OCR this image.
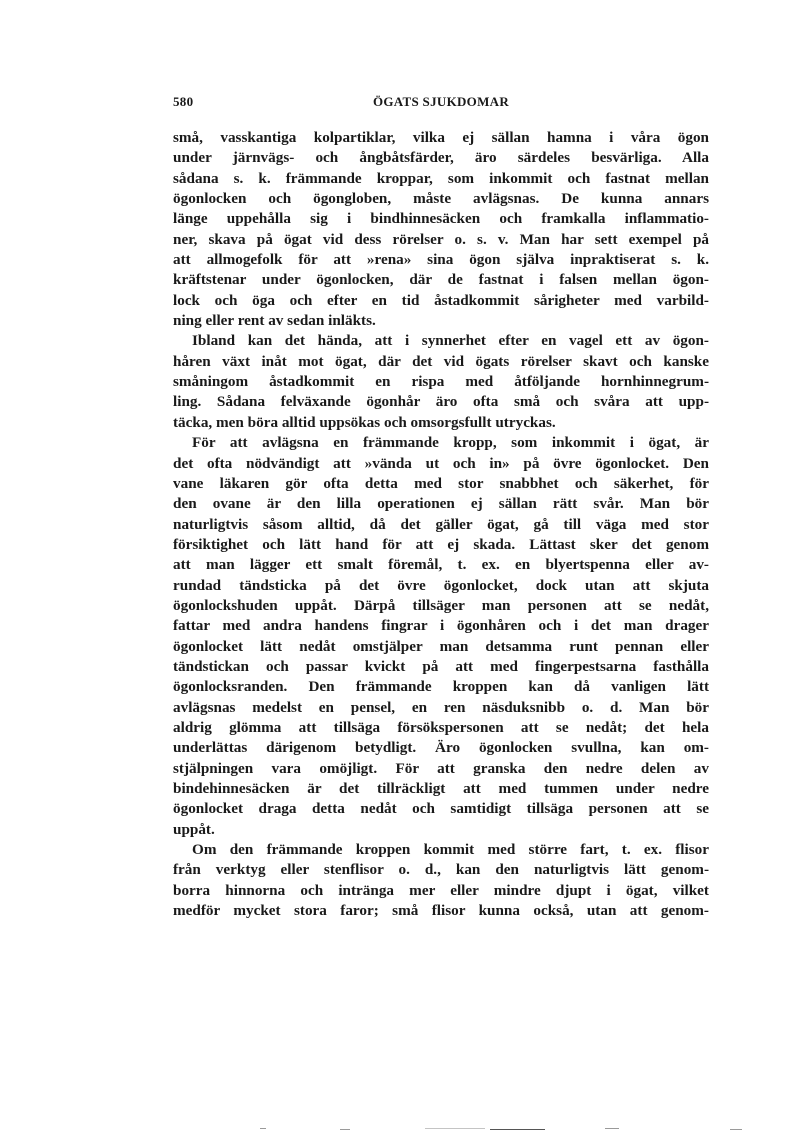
580	ÖGATS SJUKDOMAR
små, vasskantiga kolpartiklar, vilka ej sällan hamna i våra ögon
under järnvägs- och ångbåtsfärder, äro särdeles besvärliga. Alla
sådana s. k. främmande kroppar, som inkommit och fastnat mellan
ögonlocken och ögongloben, måste avlägsnas. De kunna annars
länge uppehålla sig i bindhinnesäcken och framkalla inflammatio-
ner, skava på ögat vid dess rörelser o. s. v. Man har sett exempel på
att allmogefolk för att »rena» sina ögon själva inpraktiserat s. k.
kräftstenar under ögonlocken, där de fastnat i falsen mellan ögon-
lock och öga och efter en tid åstadkommit sårigheter med varbild-
ning eller rent av sedan inläkts.
Ibland kan det hända, att i synnerhet efter en vagel ett av ögon-
håren växt inåt mot ögat, där det vid ögats rörelser skavt och kanske
småningom åstadkommit en rispa med åtföljande hornhinnegrum-
ling. Sådana felväxande ögonhår äro ofta små och svåra att upp-
täcka, men böra alltid uppsökas och omsorgsfullt utryckas.
För att avlägsna en främmande kropp, som inkommit i ögat, är
det ofta nödvändigt att »vända ut och in» på övre ögonlocket. Den
vane läkaren gör ofta detta med stor snabbhet och säkerhet, för
den ovane är den lilla operationen ej sällan rätt svår. Man bör
naturligtvis såsom alltid, då det gäller ögat, gå till väga med stor
försiktighet och lätt hand för att ej skada. Lättast sker det genom
att man lägger ett smalt föremål, t. ex. en blyertspenna eller av-
rundad tändsticka på det övre ögonlocket, dock utan att skjuta
ögonlockshuden uppåt. Därpå tillsäger man personen att se nedåt,
fattar med andra handens fingrar i ögonhåren och i det man drager
ögonlocket lätt nedåt omstjälper man detsamma runt pennan eller
tändstickan och passar kvickt på att med fingerpestsarna fasthålla
ögonlocksranden. Den främmande kroppen kan då vanligen lätt
avlägsnas medelst en pensel, en ren näsduksnibb o. d. Man bör
aldrig glömma att tillsäga försökspersonen att se nedåt; det hela
underlättas därigenom betydligt. Äro ögonlocken svullna, kan om-
stjälpningen vara omöjligt. För att granska den nedre delen av
bindehinnesäcken är det tillräckligt att med tummen under nedre
ögonlocket draga detta nedåt och samtidigt tillsäga personen att se
uppåt.
Om den främmande kroppen kommit med större fart, t. ex. flisor
från verktyg eller stenflisor o. d., kan den naturligtvis lätt genom-
borra hinnorna och intränga mer eller mindre djupt i ögat, vilket
medför mycket stora faror; små flisor kunna också, utan att genom-
